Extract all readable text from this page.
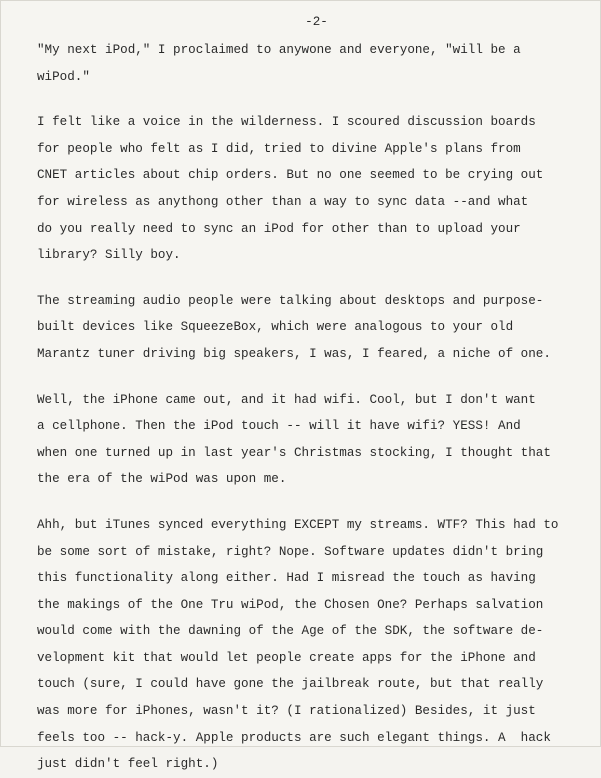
-2-

"My next iPod," I proclaimed to anywone and everyone, "will be a
wiPod."

I felt like a voice in the wilderness. I scoured discussion boards
for people who felt as I did, tried to divine Apple's plans from
CNET articles about chip orders. But no one seemed to be crying out
for wireless as anythong other than a way to sync data --and what
do you really need to sync an iPod for other than to upload your
library? Silly boy.

The streaming audio people were talking about desktops and purpose-
built devices like SqueezeBox, which were analogous to your old
Marantz tuner driving big speakers, I was, I feared, a niche of one.

Well, the iPhone came out, and it had wifi. Cool, but I don't want
a cellphone. Then the iPod touch -- will it have wifi? YESS! And
when one turned up in last year's Christmas stocking, I thought that
the era of the wiPod was upon me.

Ahh, but iTunes synced everything EXCEPT my streams. WTF? This had to
be some sort of mistake, right? Nope. Software updates didn't bring
this functionality along either. Had I misread the touch as having
the makings of the One Tru wiPod, the Chosen One? Perhaps salvation
would come with the dawning of the Age of the SDK, the software de-
velopment kit that would let people create apps for the iPhone and
touch (sure, I could have gone the jailbreak route, but that really
was more for iPhones, wasn't it? (I rationalized) Besides, it just
feels too -- hack-y. Apple products are such elegant things. A  hack
just didn't feel right.)
